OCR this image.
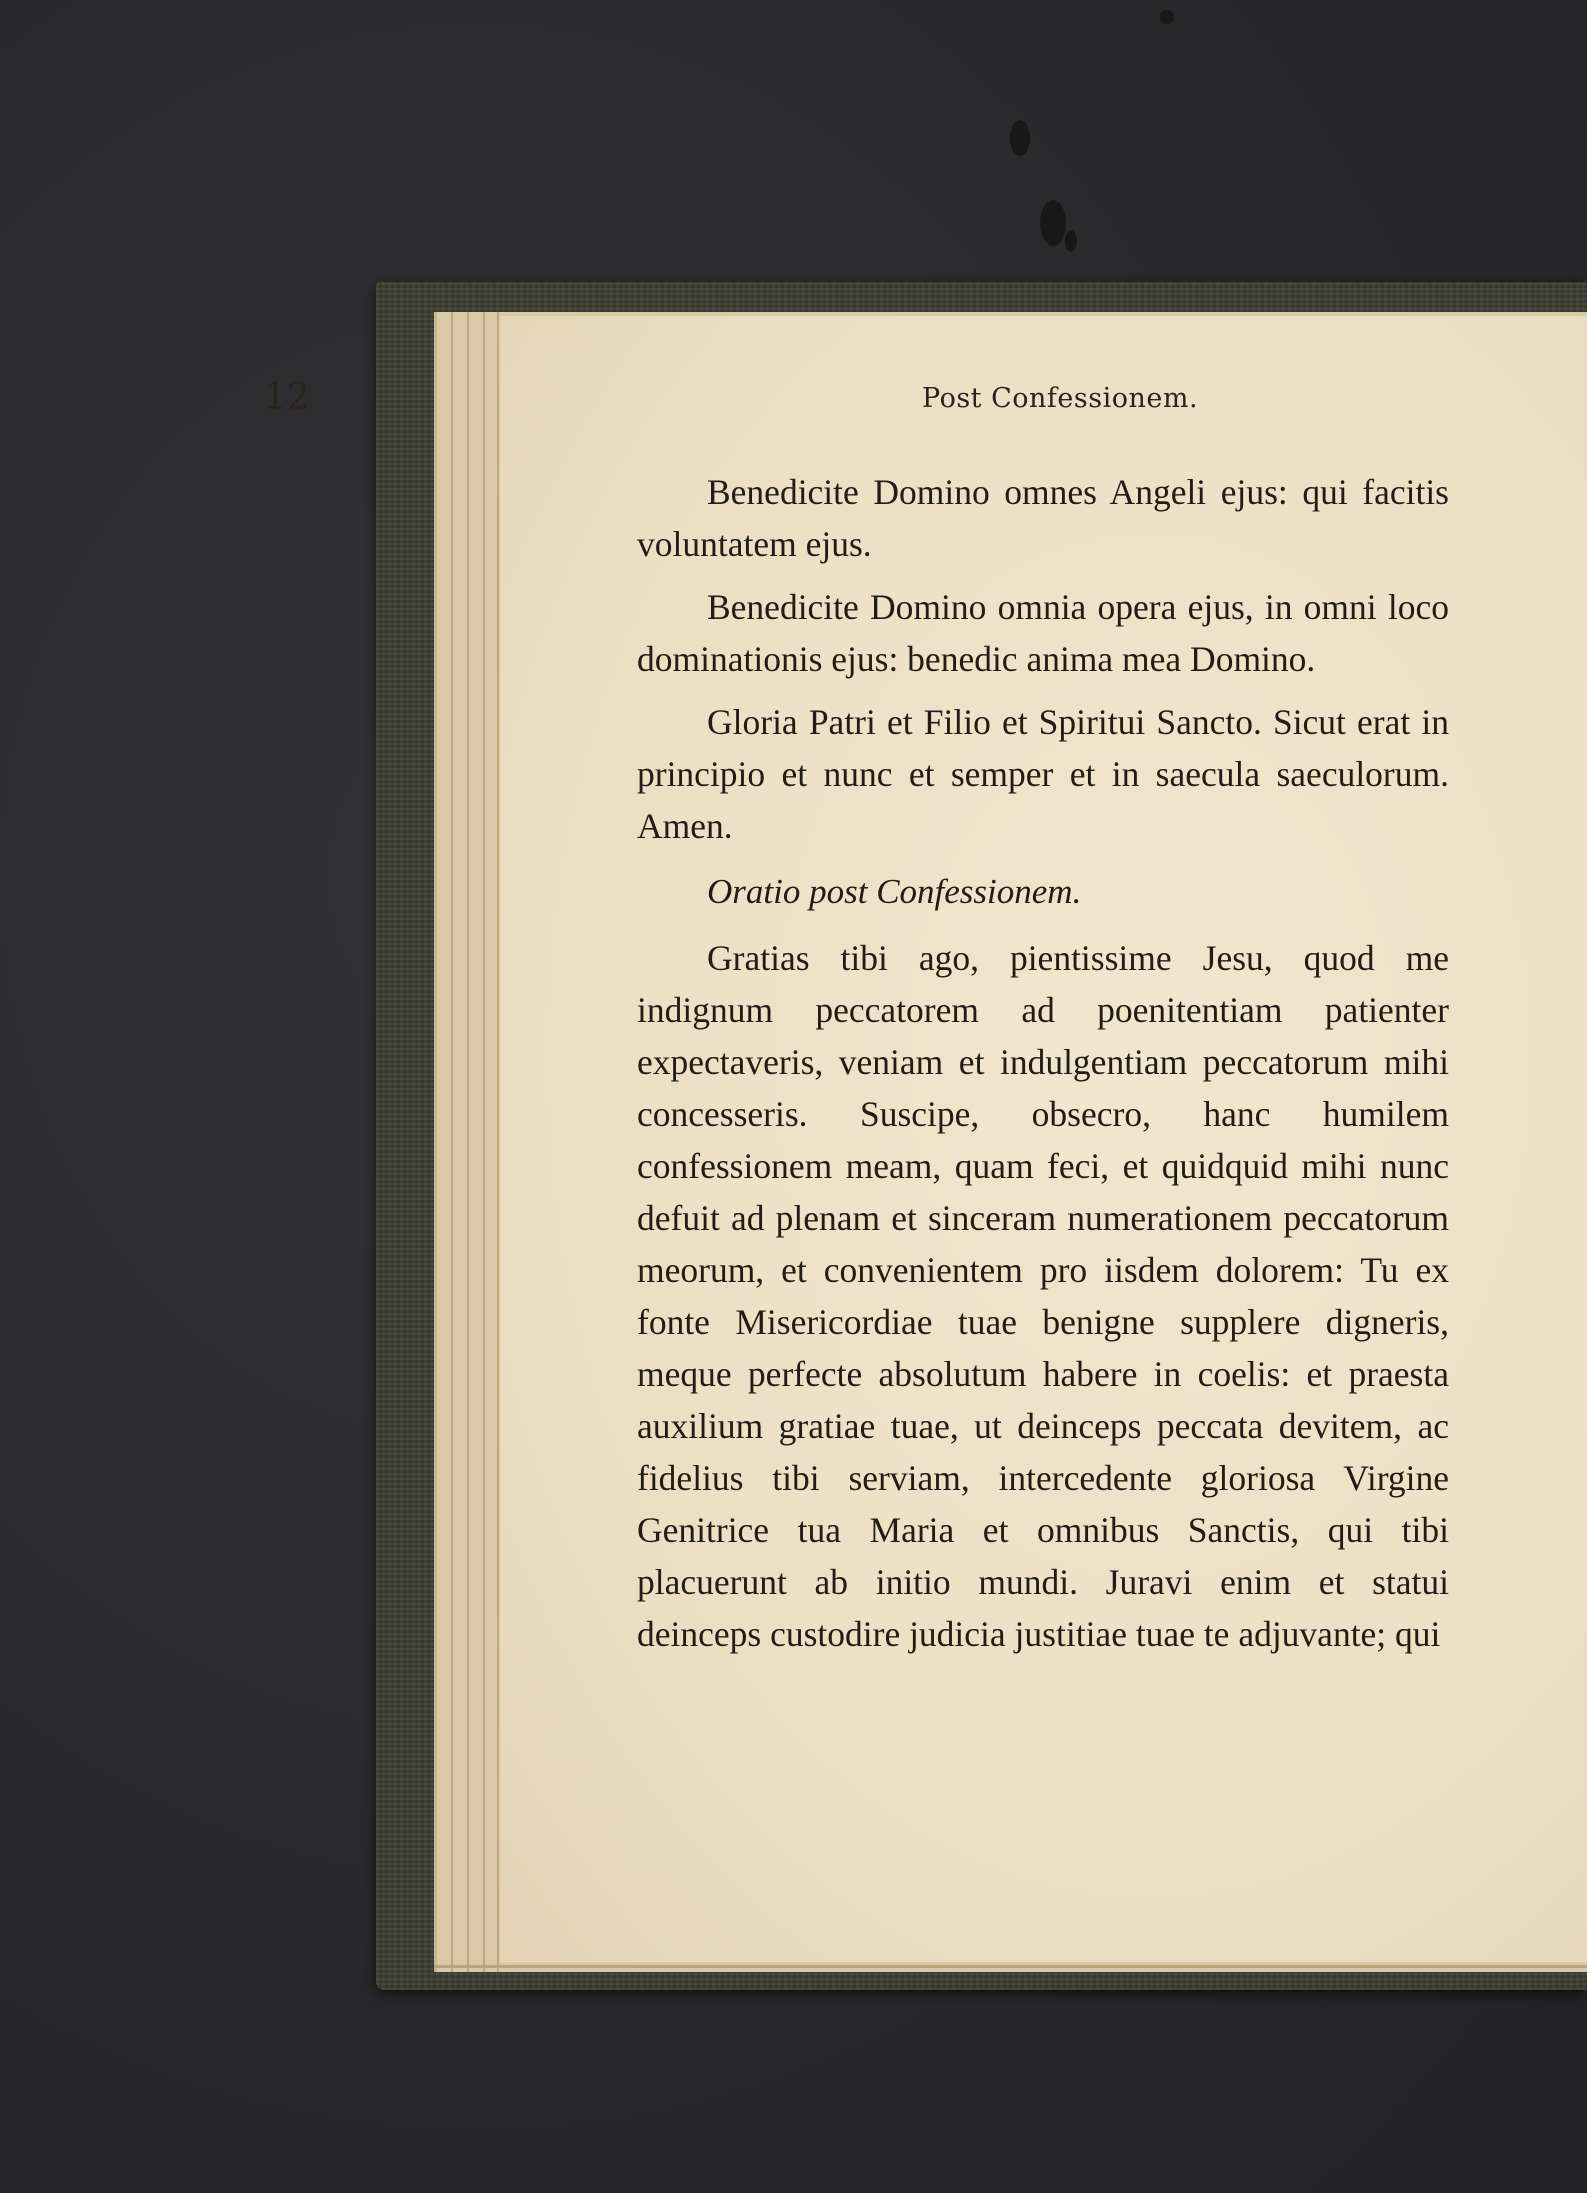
12	Post Confessionem.

Benedicite Domino omnes Angeli ejus: qui facitis voluntatem ejus.

Benedicite Domino omnia opera ejus, in omni loco dominationis ejus: benedic anima mea Domino.

Gloria Patri et Filio et Spiritui Sancto. Sicut erat in principio et nunc et semper et in saecula saeculorum. Amen.

Oratio post Confessionem.

Gratias tibi ago, pientissime Jesu, quod me indignum peccatorem ad poenitentiam patienter expectaveris, veniam et indulgentiam peccatorum mihi concesseris. Suscipe, obsecro, hanc humilem confessionem meam, quam feci, et quidquid mihi nunc defuit ad plenam et sinceram numerationem peccatorum meorum, et convenientem pro iisdem dolorem: Tu ex fonte Misericordiae tuae benigne supplere digneris, meque perfecte absolutum habere in coelis: et praesta auxilium gratiae tuae, ut deinceps peccata devitem, ac fidelius tibi serviam, intercedente gloriosa Virgine Genitrice tua Maria et omnibus Sanctis, qui tibi placuerunt ab initio mundi. Juravi enim et statui deinceps custodire judicia justitiae tuae te adjuvante; qui
